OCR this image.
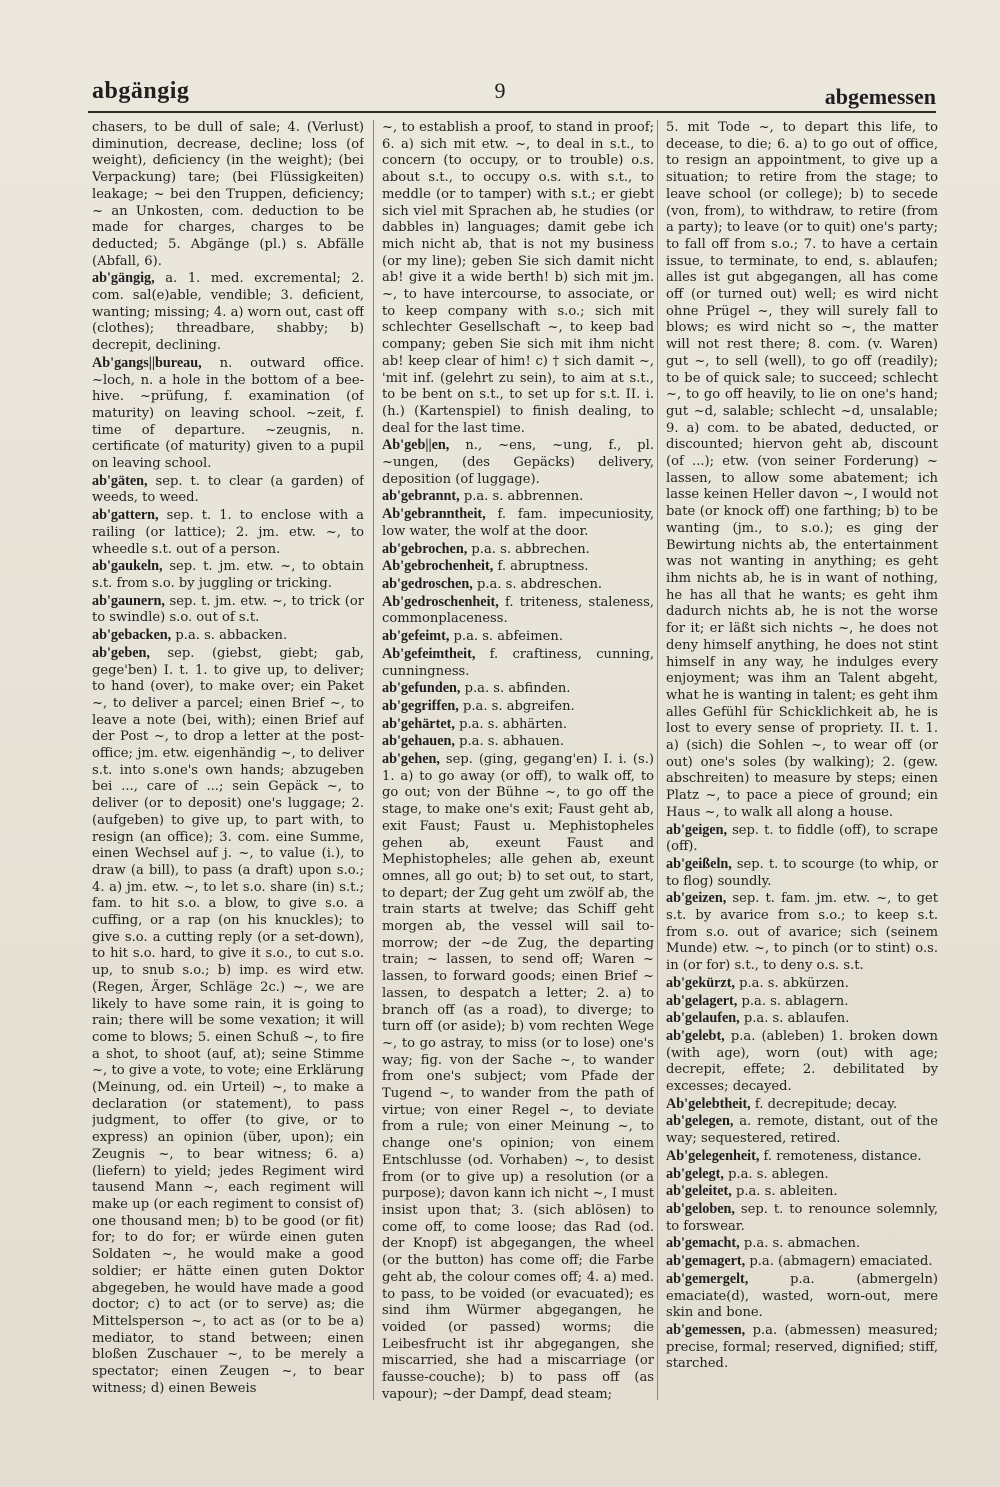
abgängig	9	abgemessen

chasers, to be dull of sale; 4. (Verlust) diminution, decrease, decline; loss (of weight), deficiency (in the weight); (bei Verpackung) tare; (bei Flüssigkeiten) leakage; ~ bei den Truppen, deficiency; ~ an Unkosten, com. deduction to be made for charges, charges to be deducted; 5. Abgänge (pl.) s. Abfälle (Abfall, 6).

ab'gängig, a. 1. med. excremental; 2. com. sal(e)able, vendible; 3. deficient, wanting; missing; 4. a) worn out, cast off (clothes); threadbare, shabby; b) decrepit, declining.

Ab'gangs||bureau, n. outward office. ~loch, n. a hole in the bottom of a bee-hive. ~prüfung, f. examination (of maturity) on leaving school. ~zeit, f. time of departure. ~zeugnis, n. certificate (of maturity) given to a pupil on leaving school.

ab'gäten, sep. t. to clear (a garden) of weeds, to weed.

ab'gattern, sep. t. 1. to enclose with a railing (or lattice); 2. jm. etw. ~, to wheedle s.t. out of a person.

ab'gaukeln, sep. t. jm. etw. ~, to obtain s.t. from s.o. by juggling or tricking.

ab'gaunern, sep. t. jm. etw. ~, to trick (or to swindle) s.o. out of s.t.

ab'gebacken, p.a. s. abbacken.

ab'geben, sep. (giebst, giebt; gab, gege'ben) I. t. 1. to give up, to deliver; to hand (over), to make over; ein Paket ~, to deliver a parcel; einen Brief ~, to leave a note (bei, with); einen Brief auf der Post ~, to drop a letter at the post-office; jm. etw. eigenhändig ~, to deliver s.t. into s.one's own hands; abzugeben bei ..., care of ...; sein Gepäck ~, to deliver (or to deposit) one's luggage; 2. (aufgeben) to give up, to part with, to resign (an office); 3. com. eine Summe, einen Wechsel auf j. ~, to value (i.), to draw (a bill), to pass (a draft) upon s.o.; 4. a) jm. etw. ~, to let s.o. share (in) s.t.; fam. to hit s.o. a blow, to give s.o. a cuffing, or a rap (on his knuckles); to give s.o. a cutting reply (or a set-down), to hit s.o. hard, to give it s.o., to cut s.o. up, to snub s.o.; b) imp. es wird etw. (Regen, Ärger, Schläge 2c.) ~, we are likely to have some rain, it is going to rain; there will be some vexation; it will come to blows; 5. einen Schuß ~, to fire a shot, to shoot (auf, at); seine Stimme ~, to give a vote, to vote; eine Erklärung (Meinung, od. ein Urteil) ~, to make a declaration (or statement), to pass judgment, to offer (to give, or to express) an opinion (über, upon); ein Zeugnis ~, to bear witness; 6. a) (liefern) to yield; jedes Regiment wird tausend Mann ~, each regiment will make up (or each regiment to consist of) one thousand men; b) to be good (or fit) for; to do for; er würde einen guten Soldaten ~, he would make a good soldier; er hätte einen guten Doktor abgegeben, he would have made a good doctor; c) to act (or to serve) as; die Mittelsperson ~, to act as (or to be a) mediator, to stand between; einen bloßen Zuschauer ~, to be merely a spectator; einen Zeugen ~, to bear witness; d) einen Beweis

~, to establish a proof, to stand in proof; 6. a) sich mit etw. ~, to deal in s.t., to concern (to occupy, or to trouble) o.s. about s.t., to occupy o.s. with s.t., to meddle (or to tamper) with s.t.; er giebt sich viel mit Sprachen ab, he studies (or dabbles in) languages; damit gebe ich mich nicht ab, that is not my business (or my line); geben Sie sich damit nicht ab! give it a wide berth! b) sich mit jm. ~, to have intercourse, to associate, or to keep company with s.o.; sich mit schlechter Gesellschaft ~, to keep bad company; geben Sie sich mit ihm nicht ab! keep clear of him! c) † sich damit ~, 'mit inf. (gelehrt zu sein), to aim at s.t., to be bent on s.t., to set up for s.t. II. i. (h.) (Kartenspiel) to finish dealing, to deal for the last time.

Ab'geb||en, n., ~ens, ~ung, f., pl. ~ungen, (des Gepäcks) delivery, deposition (of luggage).

ab'gebrannt, p.a. s. abbrennen.

Ab'gebranntheit, f. fam. impecuniosity, low water, the wolf at the door.

ab'gebrochen, p.a. s. abbrechen.

Ab'gebrochenheit, f. abruptness.

ab'gedroschen, p.a. s. abdreschen.

Ab'gedroschenheit, f. triteness, staleness, commonplaceness.

ab'gefeimt, p.a. s. abfeimen.

Ab'gefeimtheit, f. craftiness, cunning, cunningness.

ab'gefunden, p.a. s. abfinden.

ab'gegriffen, p.a. s. abgreifen.

ab'gehärtet, p.a. s. abhärten.

ab'gehauen, p.a. s. abhauen.

ab'gehen, sep. (ging, gegang'en) I. i. (s.) 1. a) to go away (or off), to walk off, to go out; von der Bühne ~, to go off the stage, to make one's exit; Faust geht ab, exit Faust; Faust u. Mephistopheles gehen ab, exeunt Faust and Mephistopheles; alle gehen ab, exeunt omnes, all go out; b) to set out, to start, to depart; der Zug geht um zwölf ab, the train starts at twelve; das Schiff geht morgen ab, the vessel will sail to-morrow; der ~de Zug, the departing train; ~ lassen, to send off; Waren ~ lassen, to forward goods; einen Brief ~ lassen, to despatch a letter; 2. a) to branch off (as a road), to diverge; to turn off (or aside); b) vom rechten Wege ~, to go astray, to miss (or to lose) one's way; fig. von der Sache ~, to wander from one's subject; vom Pfade der Tugend ~, to wander from the path of virtue; von einer Regel ~, to deviate from a rule; von einer Meinung ~, to change one's opinion; von einem Entschlusse (od. Vorhaben) ~, to desist from (or to give up) a resolution (or a purpose); davon kann ich nicht ~, I must insist upon that; 3. (sich ablösen) to come off, to come loose; das Rad (od. der Knopf) ist abgegangen, the wheel (or the button) has come off; die Farbe geht ab, the colour comes off; 4. a) med. to pass, to be voided (or evacuated); es sind ihm Würmer abgegangen, he voided (or passed) worms; die Leibesfrucht ist ihr abgegangen, she miscarried, she had a miscarriage (or fausse-couche); b) to pass off (as vapour); ~der Dampf, dead steam;

5. mit Tode ~, to depart this life, to decease, to die; 6. a) to go out of office, to resign an appointment, to give up a situation; to retire from the stage; to leave school (or college); b) to secede (von, from), to withdraw, to retire (from a party); to leave (or to quit) one's party; to fall off from s.o.; 7. to have a certain issue, to terminate, to end, s. ablaufen; alles ist gut abgegangen, all has come off (or turned out) well; es wird nicht ohne Prügel ~, they will surely fall to blows; es wird nicht so ~, the matter will not rest there; 8. com. (v. Waren) gut ~, to sell (well), to go off (readily); to be of quick sale; to succeed; schlecht ~, to go off heavily, to lie on one's hand; gut ~d, salable; schlecht ~d, unsalable; 9. a) com. to be abated, deducted, or discounted; hiervon geht ab, discount (of ...); etw. (von seiner Forderung) ~ lassen, to allow some abatement; ich lasse keinen Heller davon ~, I would not bate (or knock off) one farthing; b) to be wanting (jm., to s.o.); es ging der Bewirtung nichts ab, the entertainment was not wanting in anything; es geht ihm nichts ab, he is in want of nothing, he has all that he wants; es geht ihm dadurch nichts ab, he is not the worse for it; er läßt sich nichts ~, he does not deny himself anything, he does not stint himself in any way, he indulges every enjoyment; was ihm an Talent abgeht, what he is wanting in talent; es geht ihm alles Gefühl für Schicklichkeit ab, he is lost to every sense of propriety. II. t. 1. a) (sich) die Sohlen ~, to wear off (or out) one's soles (by walking); 2. (gew. abschreiten) to measure by steps; einen Platz ~, to pace a piece of ground; ein Haus ~, to walk all along a house.

ab'geigen, sep. t. to fiddle (off), to scrape (off).

ab'geißeln, sep. t. to scourge (to whip, or to flog) soundly.

ab'geizen, sep. t. fam. jm. etw. ~, to get s.t. by avarice from s.o.; to keep s.t. from s.o. out of avarice; sich (seinem Munde) etw. ~, to pinch (or to stint) o.s. in (or for) s.t., to deny o.s. s.t.

ab'gekürzt, p.a. s. abkürzen.

ab'gelagert, p.a. s. ablagern.

ab'gelaufen, p.a. s. ablaufen.

ab'gelebt, p.a. (ableben) 1. broken down (with age), worn (out) with age; decrepit, effete; 2. debilitated by excesses; decayed.

Ab'gelebtheit, f. decrepitude; decay.

ab'gelegen, a. remote, distant, out of the way; sequestered, retired.

Ab'gelegenheit, f. remoteness, distance.

ab'gelegt, p.a. s. ablegen.

ab'geleitet, p.a. s. ableiten.

ab'geloben, sep. t. to renounce solemnly, to forswear.

ab'gemacht, p.a. s. abmachen.

ab'gemagert, p.a. (abmagern) emaciated.

ab'gemergelt, p.a. (abmergeln) emaciate(d), wasted, worn-out, mere skin and bone.

ab'gemessen, p.a. (abmessen) measured; precise, formal; reserved, dignified; stiff, starched.
